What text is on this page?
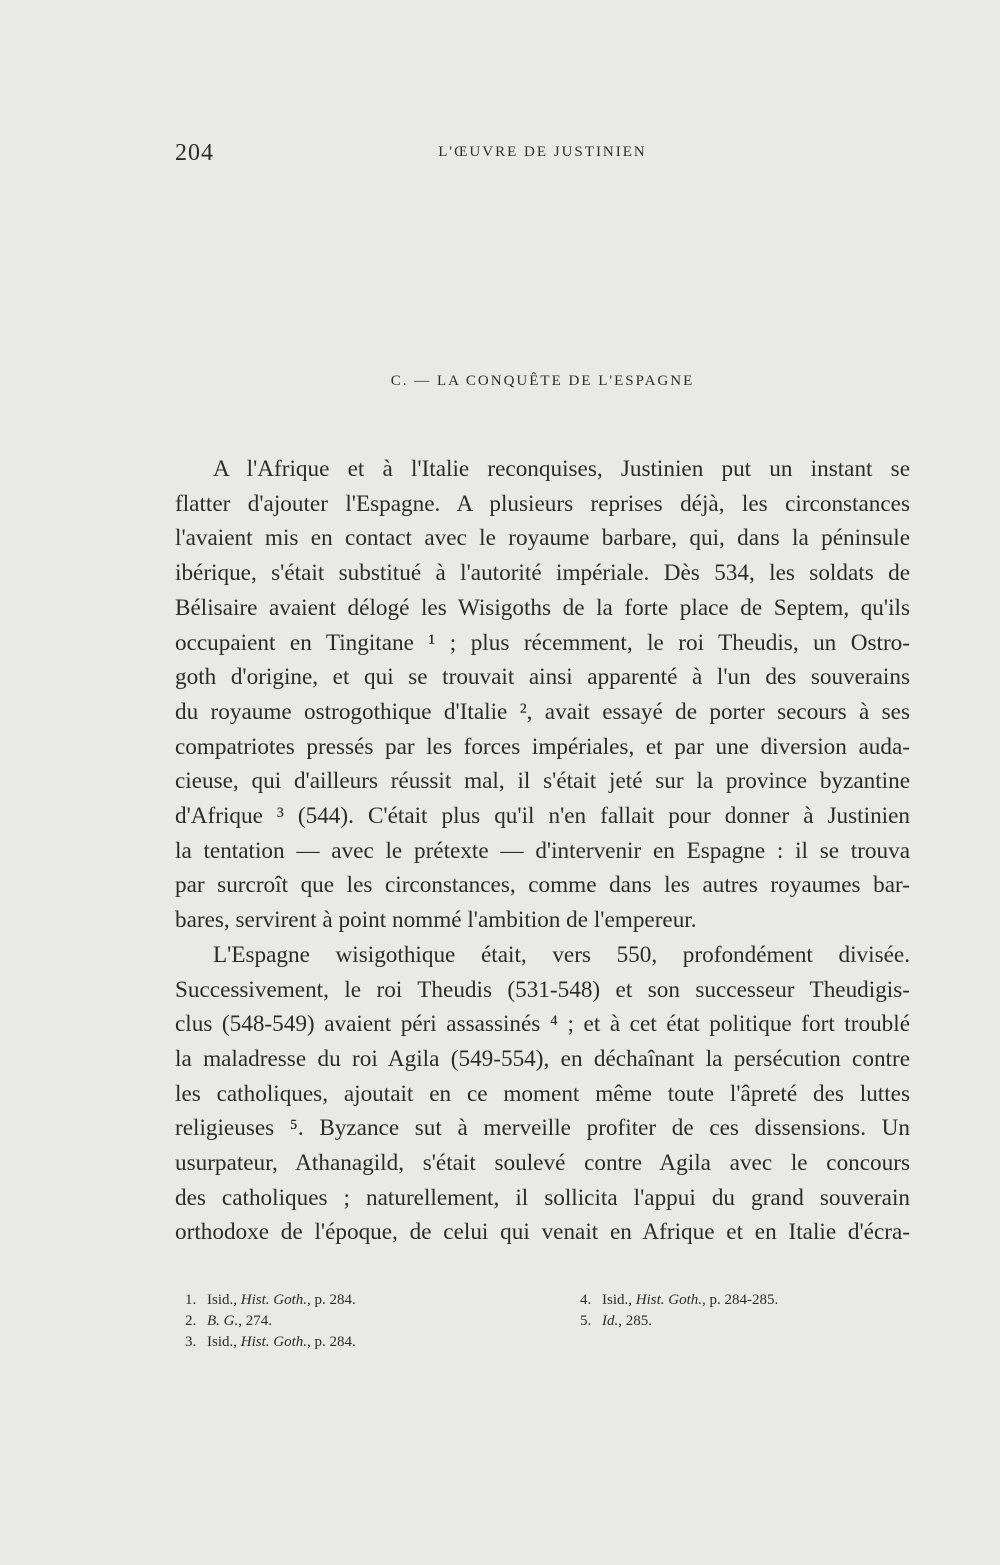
204	L'ŒUVRE DE JUSTINIEN
C. — LA CONQUÊTE DE L'ESPAGNE

A l'Afrique et à l'Italie reconquises, Justinien put un instant se
flatter d'ajouter l'Espagne. A plusieurs reprises déjà, les circonstances
l'avaient mis en contact avec le royaume barbare, qui, dans la péninsule
ibérique, s'était substitué à l'autorité impériale. Dès 534, les soldats de
Bélisaire avaient délogé les Wisigoths de la forte place de Septem, qu'ils
occupaient en Tingitane ¹ ; plus récemment, le roi Theudis, un Ostro-
goth d'origine, et qui se trouvait ainsi apparenté à l'un des souverains
du royaume ostrogothique d'Italie ², avait essayé de porter secours à ses
compatriotes pressés par les forces impériales, et par une diversion auda-
cieuse, qui d'ailleurs réussit mal, il s'était jeté sur la province byzantine
d'Afrique ³ (544). C'était plus qu'il n'en fallait pour donner à Justinien
la tentation — avec le prétexte — d'intervenir en Espagne : il se trouva
par surcroît que les circonstances, comme dans les autres royaumes bar-
bares, servirent à point nommé l'ambition de l'empereur.

L'Espagne wisigothique était, vers 550, profondément divisée.
Successivement, le roi Theudis (531-548) et son successeur Theudigis-
clus (548-549) avaient péri assassinés ⁴ ; et à cet état politique fort troublé
la maladresse du roi Agila (549-554), en déchaînant la persécution contre
les catholiques, ajoutait en ce moment même toute l'âpreté des luttes
religieuses ⁵. Byzance sut à merveille profiter de ces dissensions. Un
usurpateur, Athanagild, s'était soulevé contre Agila avec le concours
des catholiques ; naturellement, il sollicita l'appui du grand souverain
orthodoxe de l'époque, de celui qui venait en Afrique et en Italie d'écra-

1. Isid., Hist. Goth., p. 284.
2. B. G., 274.
3. Isid., Hist. Goth., p. 284.
4. Isid., Hist. Goth., p. 284-285.
5. Id., 285.
